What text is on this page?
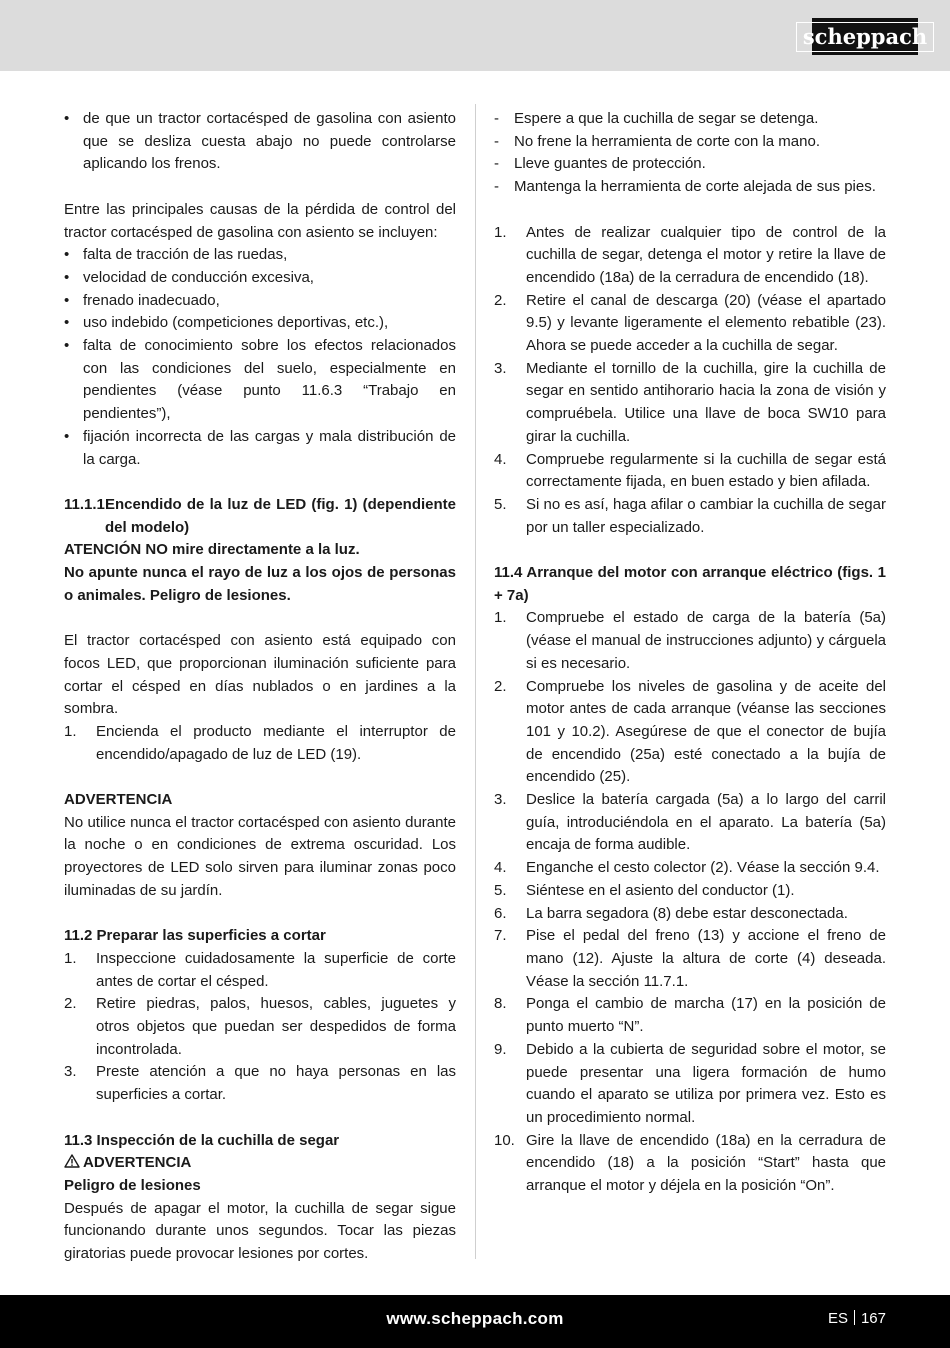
scheppach
• de que un tractor cortacésped de gasolina con asiento que se desliza cuesta abajo no puede controlarse aplicando los frenos.

Entre las principales causas de la pérdida de control del tractor cortacésped de gasolina con asiento se incluyen:

• falta de tracción de las ruedas,
• velocidad de conducción excesiva,
• frenado inadecuado,
• uso indebido (competiciones deportivas, etc.),
• falta de conocimiento sobre los efectos relacionados con las condiciones del suelo, especialmente en pendientes (véase punto 11.6.3 “Trabajo en pendientes”),
• fijación incorrecta de las cargas y mala distribución de la carga.
11.1.1 Encendido de la luz de LED (fig. 1) (dependiente del modelo)

ATENCIÓN NO mire directamente a la luz.

No apunte nunca el rayo de luz a los ojos de personas o animales. Peligro de lesiones.

El tractor cortacésped con asiento está equipado con focos LED, que proporcionan iluminación suficiente para cortar el césped en días nublados o en jardines a la sombra.

1. Encienda el producto mediante el interruptor de encendido/apagado de luz de LED (19).

ADVERTENCIA

No utilice nunca el tractor cortacésped con asiento durante la noche o en condiciones de extrema oscuridad. Los proyectores de LED solo sirven para iluminar zonas poco iluminadas de su jardín.

11.2 Preparar las superficies a cortar

1. Inspeccione cuidadosamente la superficie de corte antes de cortar el césped.
2. Retire piedras, palos, huesos, cables, juguetes y otros objetos que puedan ser despedidos de forma incontrolada.
3. Preste atención a que no haya personas en las superficies a cortar.

11.3 Inspección de la cuchilla de segar

ADVERTENCIA

Peligro de lesiones

Después de apagar el motor, la cuchilla de segar sigue funcionando durante unos segundos. Tocar las piezas giratorias puede provocar lesiones por cortes.

- Espere a que la cuchilla de segar se detenga.
- No frene la herramienta de corte con la mano.
- Lleve guantes de protección.
- Mantenga la herramienta de corte alejada de sus pies.
1. Antes de realizar cualquier tipo de control de la cuchilla de segar, detenga el motor y retire la llave de encendido (18a) de la cerradura de encendido (18).
2. Retire el canal de descarga (20) (véase el apartado 9.5) y levante ligeramente el elemento rebatible (23). Ahora se puede acceder a la cuchilla de segar.
3. Mediante el tornillo de la cuchilla, gire la cuchilla de segar en sentido antihorario hacia la zona de visión y compruébela. Utilice una llave de boca SW10 para girar la cuchilla.
4. Compruebe regularmente si la cuchilla de segar está correctamente fijada, en buen estado y bien afilada.
5. Si no es así, haga afilar o cambiar la cuchilla de segar por un taller especializado.

11.4 Arranque del motor con arranque eléctrico (figs. 1 + 7a)

1. Compruebe el estado de carga de la batería (5a) (véase el manual de instrucciones adjunto) y cárguela si es necesario.
2. Compruebe los niveles de gasolina y de aceite del motor antes de cada arranque (véanse las secciones 101 y 10.2). Asegúrese de que el conector de bujía de encendido (25a) esté conectado a la bujía de encendido (25).
3. Deslice la batería cargada (5a) a lo largo del carril guía, introduciéndola en el aparato. La batería (5a) encaja de forma audible.
4. Enganche el cesto colector (2). Véase la sección 9.4.
5. Siéntese en el asiento del conductor (1).
6. La barra segadora (8) debe estar desconectada.
7. Pise el pedal del freno (13) y accione el freno de mano (12). Ajuste la altura de corte (4) deseada. Véase la sección 11.7.1.
8. Ponga el cambio de marcha (17) en la posición de punto muerto “N”.
9. Debido a la cubierta de seguridad sobre el motor, se puede presentar una ligera formación de humo cuando el aparato se utiliza por primera vez. Esto es un procedimiento normal.
10. Gire la llave de encendido (18a) en la cerradura de encendido (18) a la posición “Start” hasta que arranque el motor y déjela en la posición “On”.
www.scheppach.com	ES 167
